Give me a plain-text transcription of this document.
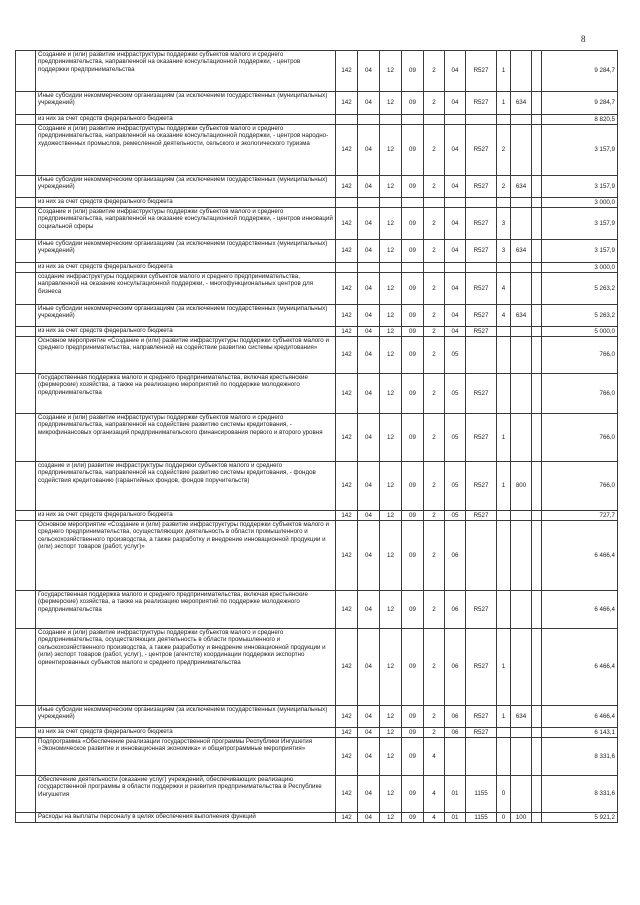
8
	Создание и (или) развитие инфраструктуры поддержки субъектов малого и среднего предпринимательства, направленной на оказание консультационной поддержки, - центров поддержки предпринимательства	142	04	12	09	2	04	R527	1			9 284,7
	Иные субсидии некоммерческим организациям (за исключением государственных (муниципальных) учреждений)	142	04	12	09	2	04	R527	1	634		9 284,7
	из них за счет средств федерального бюджета											8 820,5
	Создание и (или) развитие инфраструктуры поддержки субъектов малого и среднего предпринимательства, направленной на оказание консультационной поддержки, - центров народно-художественных промыслов, ремесленной деятельности, сельского и экологического туризма	142	04	12	09	2	04	R527	2			3 157,9
	Иные субсидии некоммерческим организациям (за исключением государственных (муниципальных) учреждений)	142	04	12	09	2	04	R527	2	634		3 157,9
	из них за счет средств федерального бюджета											3 000,0
	Создание и (или) развитие инфраструктуры поддержки субъектов малого и среднего предпринимательства, направленной на оказание консультационной поддержки, - центров инноваций социальной сферы	142	04	12	09	2	04	R527	3			3 157,9
	Иные субсидии некоммерческим организациям (за исключением государственных (муниципальных) учреждений)	142	04	12	09	2	04	R527	3	634		3 157,9
	из них за счет средств федерального бюджета											3 000,0
	создание инфраструктуры поддержки субъектов малого и среднего предпринимательства, направленной на оказание консультационной поддержки, - многофункциональных центров для бизнеса	142	04	12	09	2	04	R527	4			5 263,2
	Иные субсидии некоммерческим организациям (за исключением государственных (муниципальных) учреждений)	142	04	12	09	2	04	R527	4	634		5 263,2
	из них за счет средств федерального бюджета	142	04	12	09	2	04	R527				5 000,0
	Основное мероприятие «Создание и (или) развитие инфраструктуры поддержки субъектов малого и среднего предпринимательства, направленной на содействие развитию системы кредитования»	142	04	12	09	2	05					766,0
	Государственная поддержка малого и среднего предпринимательства, включая крестьянские (фермерские) хозяйства, а также на реализацию мероприятий по поддержке молодежного предпринимательства	142	04	12	09	2	05	R527				766,0
	Создание и (или) развитие инфраструктуры поддержки субъектов малого и среднего предпринимательства, направленной на содействие развитию системы кредитования, - микрофинансовых организаций предпринимательского финансирования первого и второго уровня	142	04	12	09	2	05	R527	1			766,0
	создание и (или) развитие инфраструктуры поддержки субъектов малого и среднего предпринимательства, направленной на содействие развитию системы кредитования, - фондов содействия кредитованию (гарантийных фондов, фондов поручительств)	142	04	12	09	2	05	R527	1	800		766,0
	из них за счет средств федерального бюджета	142	04	12	09	2	05	R527				727,7
	Основное мероприятие «Создание и (или) развитие инфраструктуры поддержки субъектов малого и среднего предпринимательства, осуществляющих деятельность в области промышленного и сельскохозяйственного производства, а также разработку и внедрение инновационной продукции и (или) экспорт товаров (работ, услуг)»	142	04	12	09	2	06					6 466,4
	Государственная поддержка малого и среднего предпринимательства, включая крестьянские (фермерские) хозяйства, а также на реализацию мероприятий по поддержке молодежного предпринимательства	142	04	12	09	2	06	R527				6 466,4
	Создание и (или) развитие инфраструктуры поддержки субъектов малого и среднего предпринимательства, осуществляющих деятельность в области промышленного и сельскохозяйственного производства, а также разработку и внедрение инновационной продукции и (или) экспорт товаров (работ, услуг), - центров (агентств) координации поддержки экспортно ориентированных субъектов малого и среднего предпринимательства	142	04	12	09	2	06	R527	1			6 466,4
	Иные субсидии некоммерческим организациям (за исключением государственных (муниципальных) учреждений)	142	04	12	09	2	06	R527	1	634		6 466,4
	из них за счет средств федерального бюджета	142	04	12	09	2	06	R527				6 143,1
	Подпрограмма «Обеспечение реализации государственной программы Республики Ингушетия «Экономическое развитие и инновационная экономика» и общепрограммные мероприятия»	142	04	12	09	4						8 331,6
	Обеспечение деятельности (оказание услуг) учреждений, обеспечивающих реализацию государственной программы в области поддержки и развития предпринимательства в Республике Ингушетия	142	04	12	09	4	01	1155	0			8 331,6
	Расходы на выплаты персоналу в целях обеспечения выполнения функций	142	04	12	09	4	01	1155	0	100		5 921,2
